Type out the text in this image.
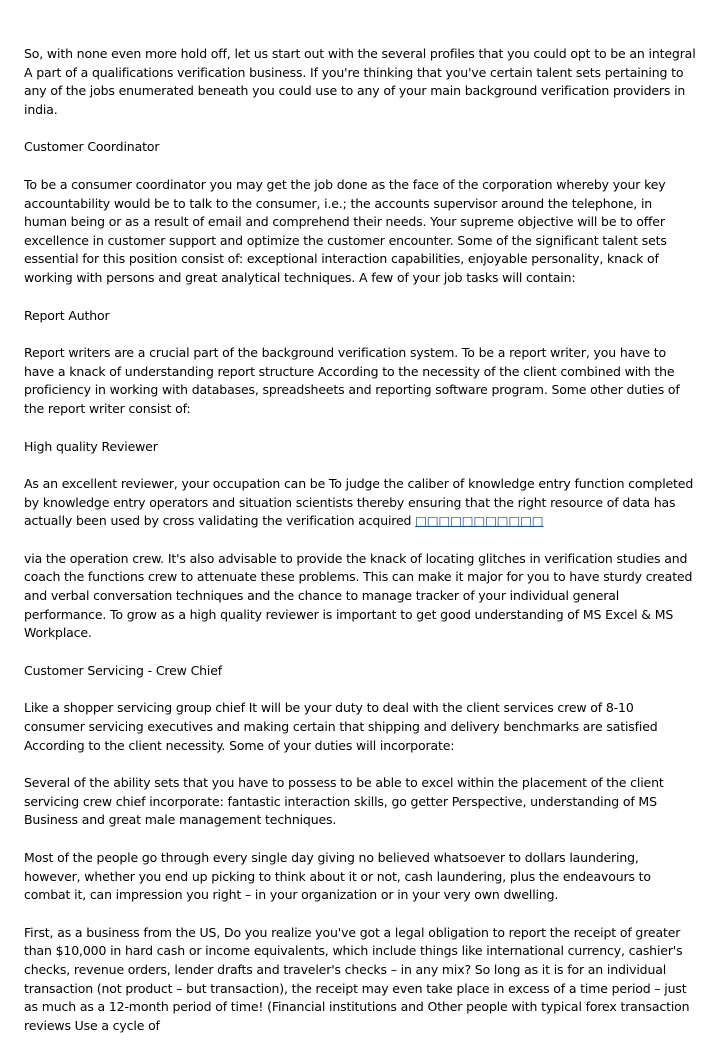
So, with none even more hold off, let us start out with the several profiles that you could opt to be an integral A part of a qualifications verification business. If you're thinking that you've certain talent sets pertaining to any of the jobs enumerated beneath you could use to any of your main background verification providers in india.

Customer Coordinator

To be a consumer coordinator you may get the job done as the face of the corporation whereby your key accountability would be to talk to the consumer, i.e.; the accounts supervisor around the telephone, in human being or as a result of email and comprehend their needs. Your supreme objective will be to offer excellence in customer support and optimize the customer encounter. Some of the significant talent sets essential for this position consist of: exceptional interaction capabilities, enjoyable personality, knack of working with persons and great analytical techniques. A few of your job tasks will contain:

Report Author

Report writers are a crucial part of the background verification system. To be a report writer, you have to have a knack of understanding report structure According to the necessity of the client combined with the proficiency in working with databases, spreadsheets and reporting software program. Some other duties of the report writer consist of:

High quality Reviewer

As an excellent reviewer, your occupation can be To judge the caliber of knowledge entry function completed by knowledge entry operators and situation scientists thereby ensuring that the right resource of data has actually been used by cross validating the verification acquired □□□□□□□□□□□

via the operation crew. It's also advisable to provide the knack of locating glitches in verification studies and coach the functions crew to attenuate these problems. This can make it major for you to have sturdy created and verbal conversation techniques and the chance to manage tracker of your individual general performance. To grow as a high quality reviewer is important to get good understanding of MS Excel & MS Workplace.

Customer Servicing - Crew Chief

Like a shopper servicing group chief It will be your duty to deal with the client services crew of 8-10 consumer servicing executives and making certain that shipping and delivery benchmarks are satisfied According to the client necessity. Some of your duties will incorporate:

Several of the ability sets that you have to possess to be able to excel within the placement of the client servicing crew chief incorporate: fantastic interaction skills, go getter Perspective, understanding of MS Business and great male management techniques.

Most of the people go through every single day giving no believed whatsoever to dollars laundering, however, whether you end up picking to think about it or not, cash laundering, plus the endeavours to combat it, can impression you right – in your organization or in your very own dwelling.

First, as a business from the US, Do you realize you've got a legal obligation to report the receipt of greater than $10,000 in hard cash or income equivalents, which include things like international currency, cashier's checks, revenue orders, lender drafts and traveler's checks – in any mix? So long as it is for an individual transaction (not product – but transaction), the receipt may even take place in excess of a time period – just as much as a 12-month period of time! (Financial institutions and Other people with typical forex transaction reviews Use a cycle of
